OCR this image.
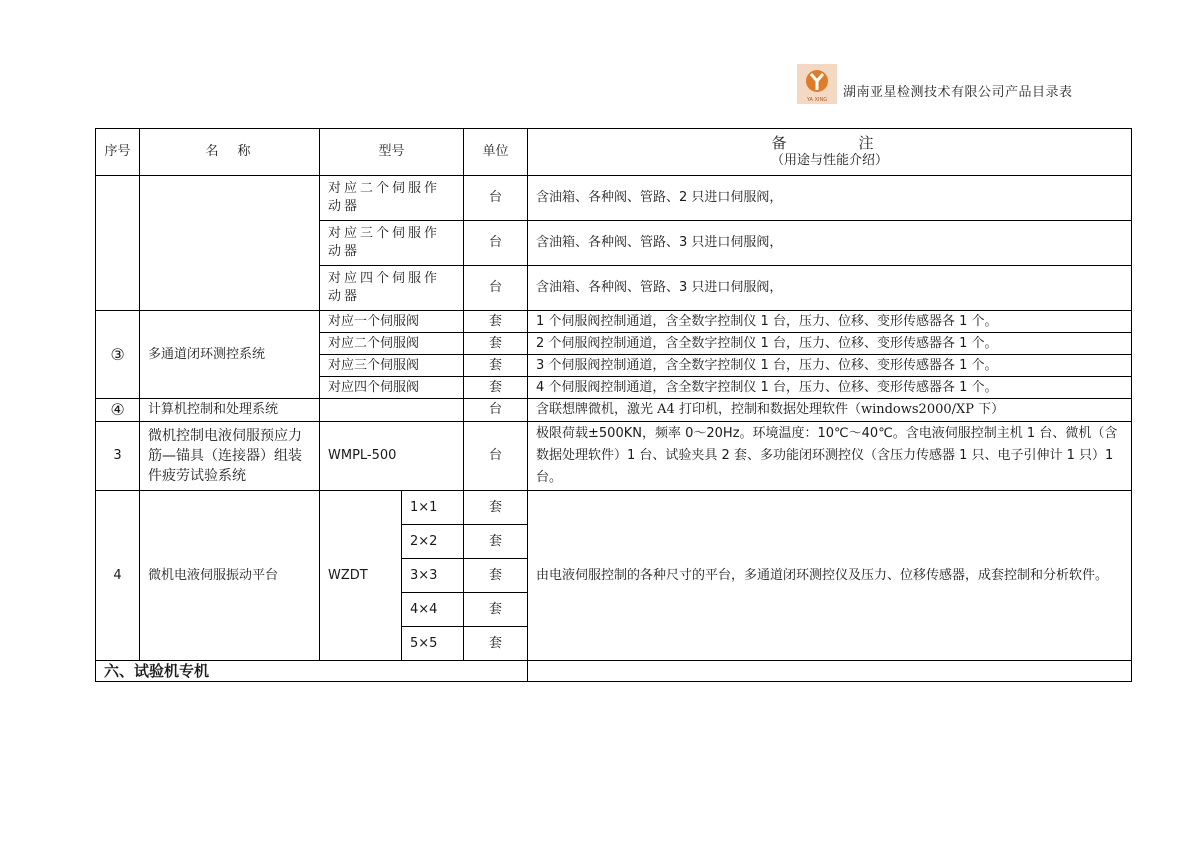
YA XING 湖南亚星检测技术有限公司产品目录表
序号	名　称	型号		单位	备　　注
（用途与性能介绍）

		对应二个伺服作动器		台	含油箱、各种阀、管路、2 只进口伺服阀，
		对应三个伺服作动器		台	含油箱、各种阀、管路、3 只进口伺服阀，
		对应四个伺服作动器		台	含油箱、各种阀、管路、3 只进口伺服阀，
③	多通道闭环测控系统	对应一个伺服阀		套	1 个伺服阀控制通道，含全数字控制仪 1 台，压力、位移、变形传感器各 1 个。
		对应二个伺服阀		套	2 个伺服阀控制通道，含全数字控制仪 1 台，压力、位移、变形传感器各 1 个。
		对应三个伺服阀		套	3 个伺服阀控制通道，含全数字控制仪 1 台，压力、位移、变形传感器各 1 个。
		对应四个伺服阀		套	4 个伺服阀控制通道，含全数字控制仪 1 台，压力、位移、变形传感器各 1 个。
④	计算机控制和处理系统			台	含联想牌微机，激光 A4 打印机，控制和数据处理软件（windows2000/XP 下）
3	微机控制电液伺服预应力筋—锚具（连接器）组装件疲劳试验系统	WMPL-500		台	极限荷载±500KN，频率 0～20Hz。环境温度：10℃～40℃。含电液伺服控制主机 1 台、微机（含数据处理软件）1 台、试验夹具 2 套、多功能闭环测控仪（含压力传感器 1 只、电子引伸计 1 只）1 台。
4	微机电液伺服振动平台	WZDT	1×1	套	由电液伺服控制的各种尺寸的平台，多通道闭环测控仪及压力、位移传感器，成套控制和分析软件。
			2×2	套	
			3×3	套	
			4×4	套	
			5×5	套	
六、试验机专机					
